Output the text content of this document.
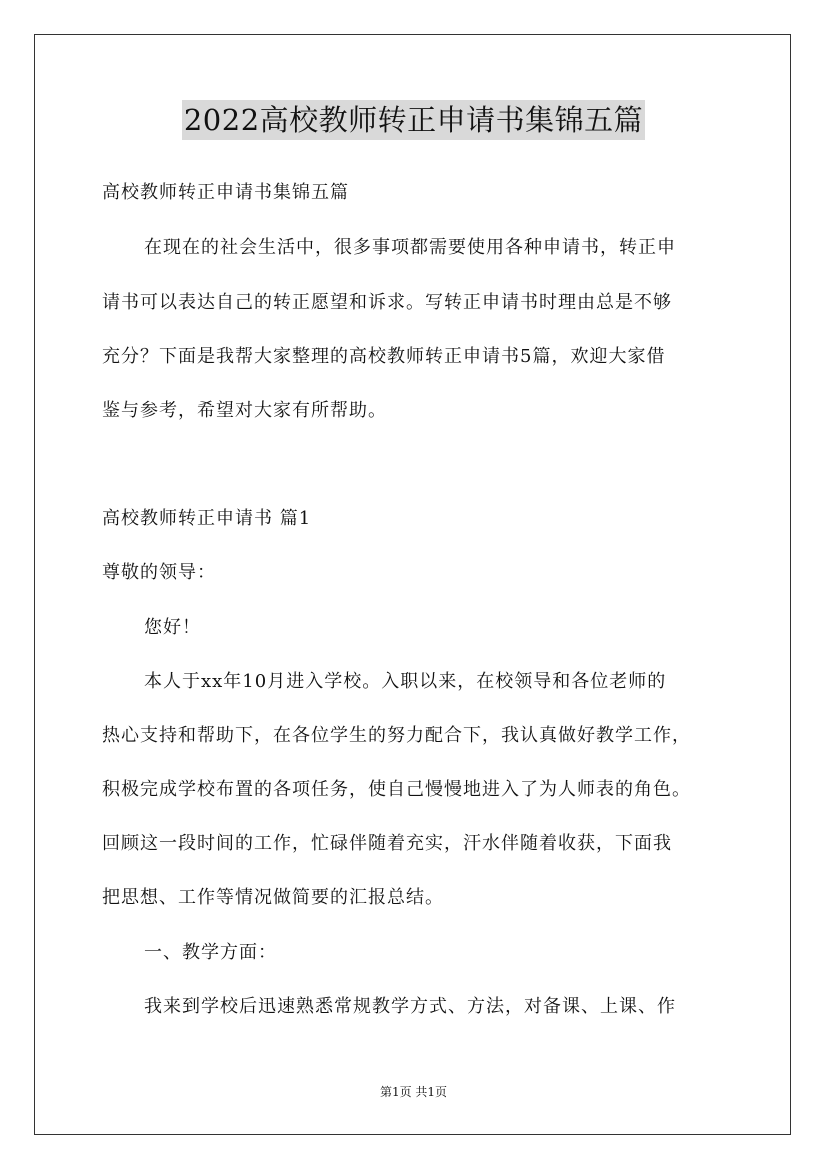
2022高校教师转正申请书集锦五篇
高校教师转正申请书集锦五篇
在现在的社会生活中，很多事项都需要使用各种申请书，转正申
请书可以表达自己的转正愿望和诉求。写转正申请书时理由总是不够
充分？下面是我帮大家整理的高校教师转正申请书5篇，欢迎大家借
鉴与参考，希望对大家有所帮助。
高校教师转正申请书 篇1
尊敬的领导：
您好！
本人于xx年10月进入学校。入职以来，在校领导和各位老师的
热心支持和帮助下，在各位学生的努力配合下，我认真做好教学工作，
积极完成学校布置的各项任务，使自己慢慢地进入了为人师表的角色。
回顾这一段时间的工作，忙碌伴随着充实，汗水伴随着收获，下面我
把思想、工作等情况做简要的汇报总结。
一、教学方面：
我来到学校后迅速熟悉常规教学方式、方法，对备课、上课、作
第1页 共1页
